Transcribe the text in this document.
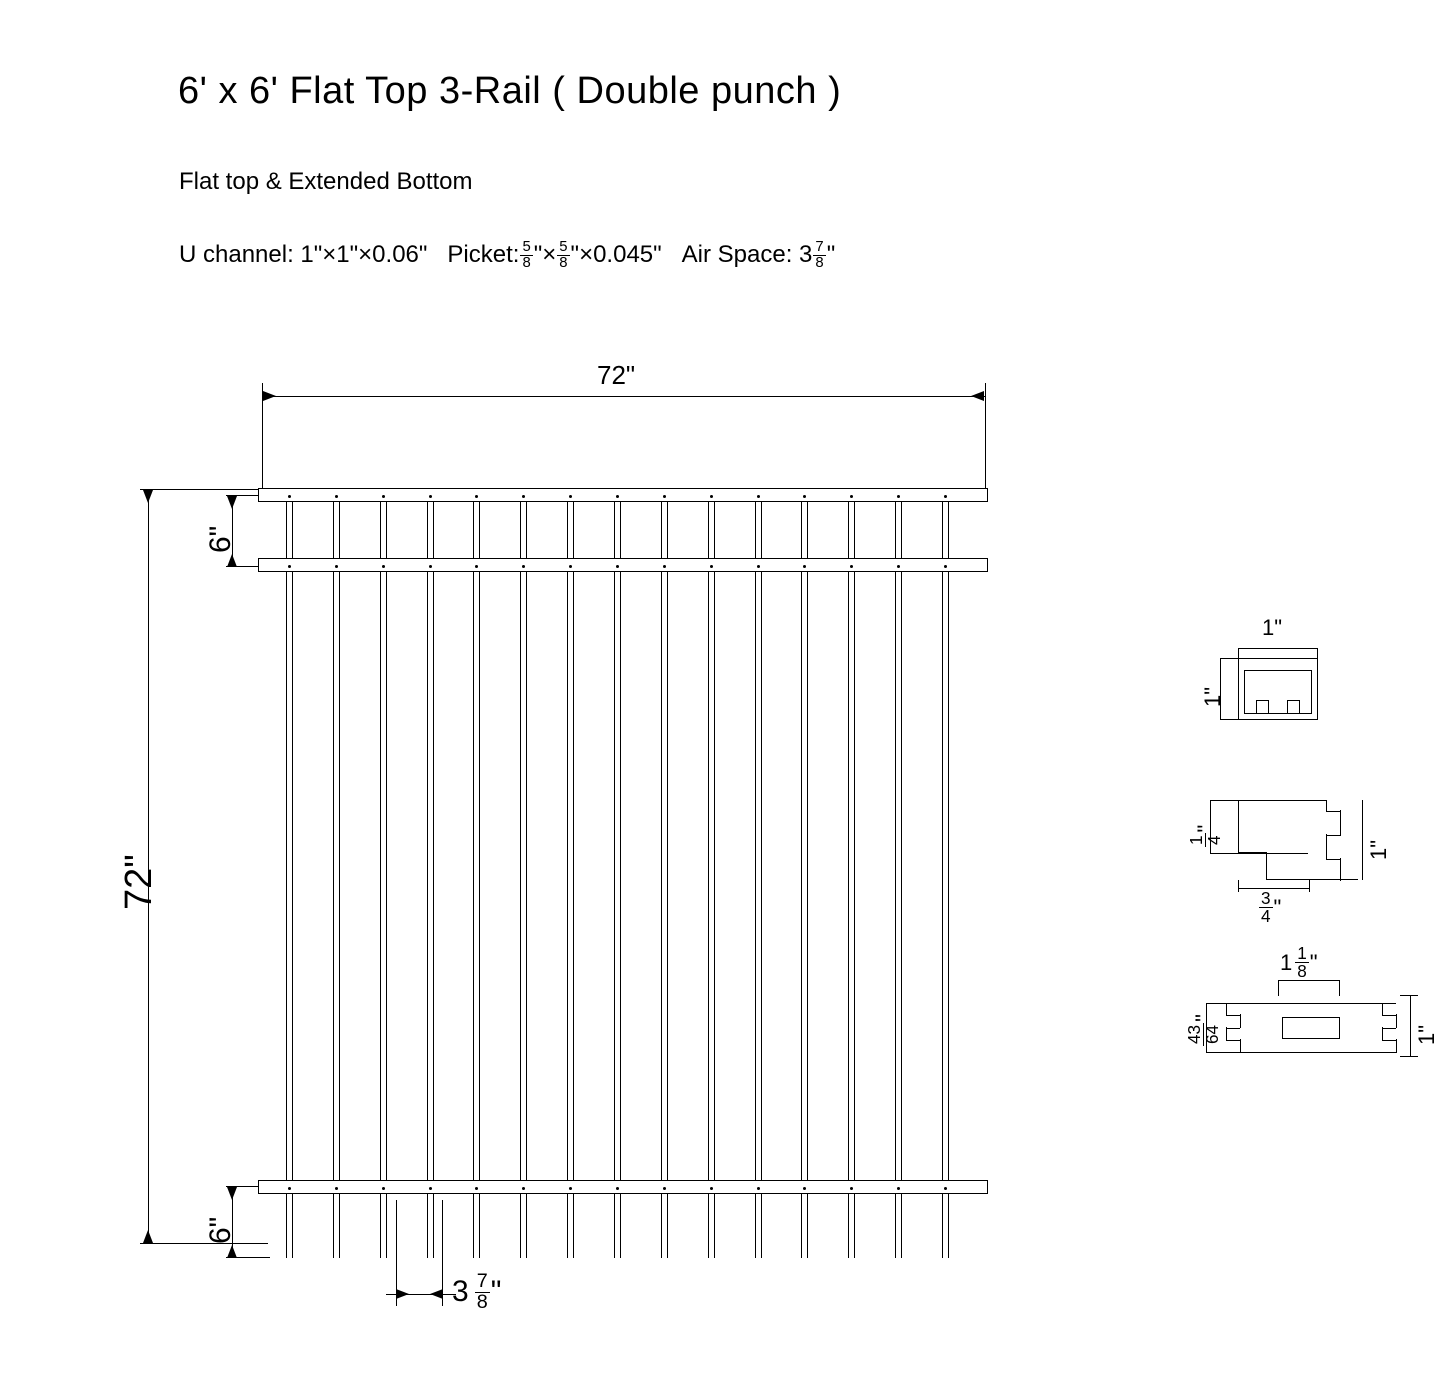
6' x 6' Flat Top 3-Rail ( Double punch )
Flat top & Extended Bottom
U channel: 1"×1"×0.06" Picket: $\frac{5}{8}$ "× $\frac{5}{8}$ "×0.045" Air Space: $3 \frac{7}{8}$ "
72"
72"
6"
6"
$3 \frac{7}{8}$ "
1"
1"
1
4
"
1"
$\frac{3}{4}$ "
$1 \frac{1}{8}$ "
43
64
"
1"
